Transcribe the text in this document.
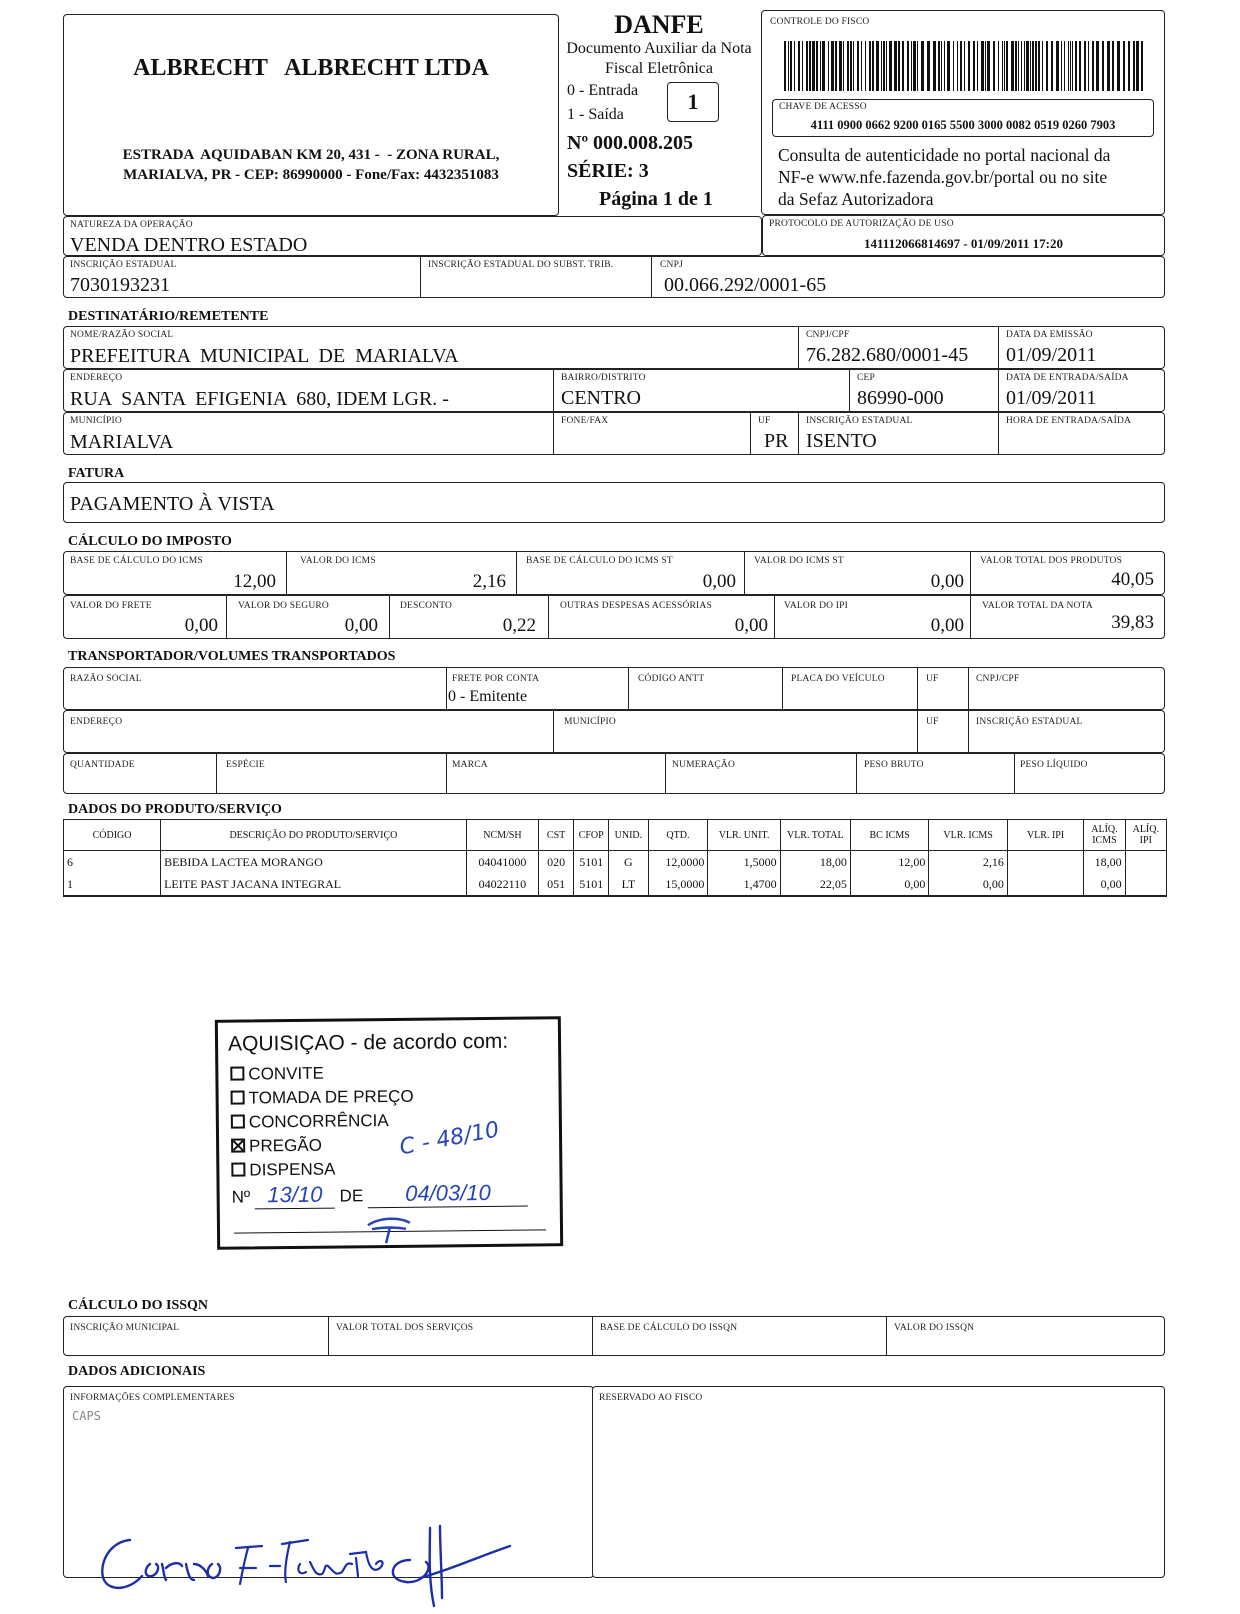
ALBRECHT   ALBRECHT LTDA
ESTRADA  AQUIDABAN KM 20, 431 -  - ZONA RURAL,
MARIALVA, PR - CEP: 86990000 - Fone/Fax: 4432351083
DANFE
Documento Auxiliar da Nota
Fiscal Eletrônica
0 - Entrada
1 - Saída
1
Nº 000.008.205
SÉRIE: 3
Página 1 de 1
CONTROLE DO FISCO
CHAVE DE ACESSO
4111 0900 0662 9200 0165 5500 3000 0082 0519 0260 7903
Consulta de autenticidade no portal nacional da
NF-e www.nfe.fazenda.gov.br/portal ou no site
da Sefaz Autorizadora
NATUREZA DA OPERAÇÃO
VENDA DENTRO ESTADO
PROTOCOLO DE AUTORIZAÇÃO DE USO
141112066814697 - 01/09/2011 17:20
INSCRIÇÃO ESTADUAL
7030193231
INSCRIÇÃO ESTADUAL DO SUBST. TRIB.	CNPJ
00.066.292/0001-65
DESTINATÁRIO/REMETENTE
NOME/RAZÃO SOCIAL
PREFEITURA  MUNICIPAL  DE  MARIALVA
CNPJ/CPF
76.282.680/0001-45
DATA DA EMISSÃO
01/09/2011
ENDEREÇO
RUA  SANTA  EFIGENIA  680, IDEM LGR. -
BAIRRO/DISTRITO
CENTRO
CEP
86990-000
DATA DE ENTRADA/SAÍDA
01/09/2011
MUNICÍPIO
MARIALVA
FONE/FAX	UF
PR
INSCRIÇÃO ESTADUAL
ISENTO
HORA DE ENTRADA/SAÍDA
FATURA
PAGAMENTO À VISTA
CÁLCULO DO IMPOSTO
BASE DE CÁLCULO DO ICMS
12,00
VALOR DO ICMS
2,16
BASE DE CÁLCULO DO ICMS ST
0,00
VALOR DO ICMS ST
0,00
VALOR TOTAL DOS PRODUTOS
40,05
VALOR DO FRETE
0,00
VALOR DO SEGURO
0,00
DESCONTO
0,22
OUTRAS DESPESAS ACESSÓRIAS
0,00
VALOR DO IPI
0,00
VALOR TOTAL DA NOTA
39,83
TRANSPORTADOR/VOLUMES TRANSPORTADOS
RAZÃO SOCIAL	FRETE POR CONTA
0 - Emitente
CÓDIGO ANTT	PLACA DO VEÍCULO	UF	CNPJ/CPF
ENDEREÇO	MUNICÍPIO	UF	INSCRIÇÃO ESTADUAL
QUANTIDADE	ESPÉCIE	MARCA	NUMERAÇÃO	PESO BRUTO	PESO LÍQUIDO
DADOS DO PRODUTO/SERVIÇO
CÓDIGO	DESCRIÇÃO DO PRODUTO/SERVIÇO	NCM/SH	CST	CFOP	UNID.	QTD.	VLR. UNIT.	VLR. TOTAL	BC ICMS	VLR. ICMS	VLR. IPI	ALÍQ. ICMS	ALÍQ. IPI
6	BEBIDA LACTEA MORANGO	04041000	020	5101	G	12,0000	1,5000	18,00	12,00	2,16		18,00	
1	LEITE PAST JACANA INTEGRAL	04022110	051	5101	LT	15,0000	1,4700	22,05	0,00	0,00		0,00	
AQUISIÇAO - de acordo com:
CONVITE
TOMADA DE PREÇO
CONCORRÊNCIA
PREGÃO
DISPENSA
C - 48/10
Nº 13/10 DE 04/03/10
CÁLCULO DO ISSQN
INSCRIÇÃO MUNICIPAL	VALOR TOTAL DOS SERVIÇOS	BASE DE CÁLCULO DO ISSQN	VALOR DO ISSQN
DADOS ADICIONAIS
INFORMAÇÕES COMPLEMENTARES
CAPS
RESERVADO AO FISCO
